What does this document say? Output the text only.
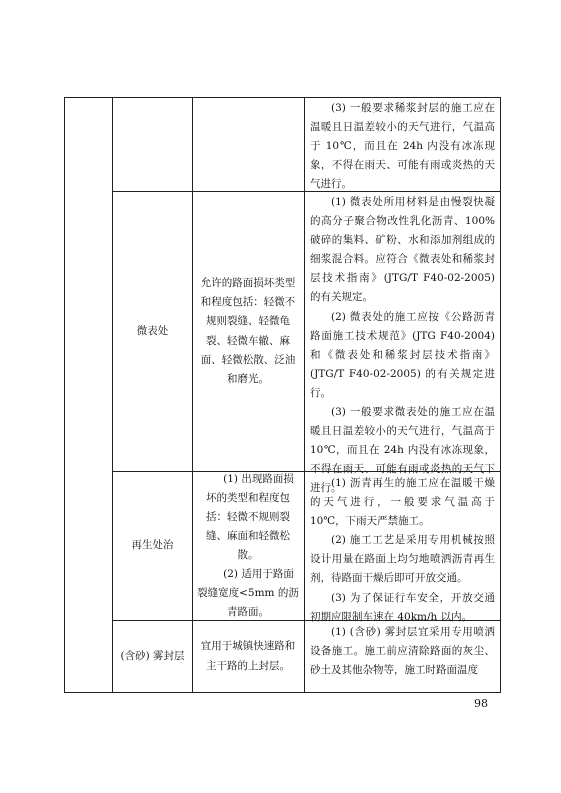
(3) 一般要求稀浆封层的施工应在温暖且日温差较小的天气进行，气温高于 10℃，而且在 24h 内没有冰冻现象，不得在雨天、可能有雨或炎热的天气进行。

微表处
允许的路面损坏类型和程度包括：轻微不规则裂缝、轻微龟裂、轻微车辙、麻面、轻微松散、泛油和磨光。

(1) 微表处所用材料是由慢裂快凝的高分子聚合物改性乳化沥青、100%破碎的集料、矿粉、水和添加剂组成的细浆混合料。应符合《微表处和稀浆封层技术指南》(JTG/T F40-02-2005) 的有关规定。

(2) 微表处的施工应按《公路沥青路面施工技术规范》(JTG F40-2004) 和《微表处和稀浆封层技术指南》(JTG/T F40-02-2005) 的有关规定进行。

(3) 一般要求微表处的施工应在温暖且日温差较小的天气进行，气温高于 10℃，而且在 24h 内没有冰冻现象，不得在雨天、可能有雨或炎热的天气下进行。

再生处治

(1) 出现路面损坏的类型和程度包括：轻微不规则裂缝、麻面和轻微松散。

(2) 适用于路面裂缝宽度<5mm 的沥青路面。

(1) 沥青再生的施工应在温暖干燥的天气进行，一般要求气温高于 10℃，下雨天严禁施工。

(2) 施工工艺是采用专用机械按照设计用量在路面上均匀地喷洒沥青再生剂，待路面干燥后即可开放交通。

(3) 为了保证行车安全，开放交通初期应限制车速在 40km/h 以内。

(含砂) 雾封层
宜用于城镇快速路和主干路的上封层。

(1) (含砂) 雾封层宜采用专用喷洒设备施工。施工前应清除路面的灰尘、砂土及其他杂物等，施工时路面温度

98
